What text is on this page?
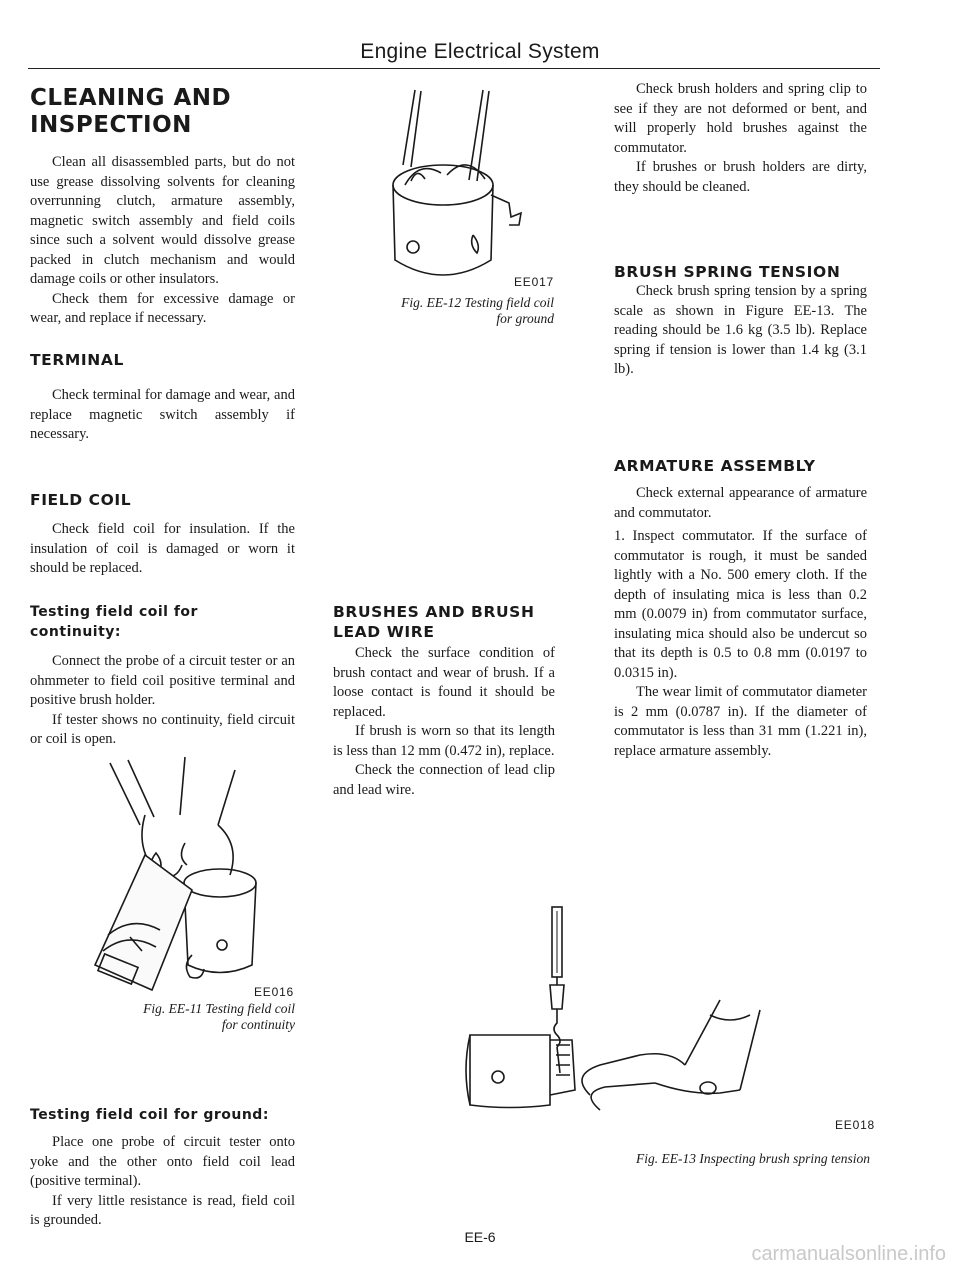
Engine Electrical System
CLEANING AND INSPECTION

Clean all disassembled parts, but do not use grease dissolving solvents for cleaning overrunning clutch, armature assembly, magnetic switch assembly and field coils since such a solvent would dissolve grease packed in clutch mechanism and would damage coils or other insulators.

Check them for excessive damage or wear, and replace if necessary.

TERMINAL

Check terminal for damage and wear, and replace magnetic switch assembly if necessary.

FIELD COIL

Check field coil for insulation. If the insulation of coil is damaged or worn it should be replaced.

Testing field coil for continuity:

Connect the probe of a circuit tester or an ohmmeter to field coil positive terminal and positive brush holder.

If tester shows no continuity, field circuit or coil is open.

EE016
Fig. EE-11 Testing field coil
for continuity
Testing field coil for ground:

Place one probe of circuit tester onto yoke and the other onto field coil lead (positive terminal).

If very little resistance is read, field coil is grounded.

EE017
Fig. EE-12 Testing field coil
for ground
BRUSHES AND BRUSH LEAD WIRE

Check the surface condition of brush contact and wear of brush. If a loose contact is found it should be replaced.

If brush is worn so that its length is less than 12 mm (0.472 in), replace.

Check the connection of lead clip and lead wire.

Check brush holders and spring clip to see if they are not deformed or bent, and will properly hold brushes against the commutator.

If brushes or brush holders are dirty, they should be cleaned.

BRUSH SPRING TENSION

Check brush spring tension by a spring scale as shown in Figure EE-13. The reading should be 1.6 kg (3.5 lb). Replace spring if tension is lower than 1.4 kg (3.1 lb).

ARMATURE ASSEMBLY

Check external appearance of armature and commutator.

1. Inspect commutator. If the surface of commutator is rough, it must be sanded lightly with a No. 500 emery cloth. If the depth of insulating mica is less than 0.2 mm (0.0079 in) from commutator surface, insulating mica should also be undercut so that its depth is 0.5 to 0.8 mm (0.0197 to 0.0315 in).

The wear limit of commutator diameter is 2 mm (0.0787 in). If the diameter of commutator is less than 31 mm (1.221 in), replace armature assembly.

EE018
Fig. EE-13 Inspecting brush spring tension
EE-6
carmanualsonline.info
